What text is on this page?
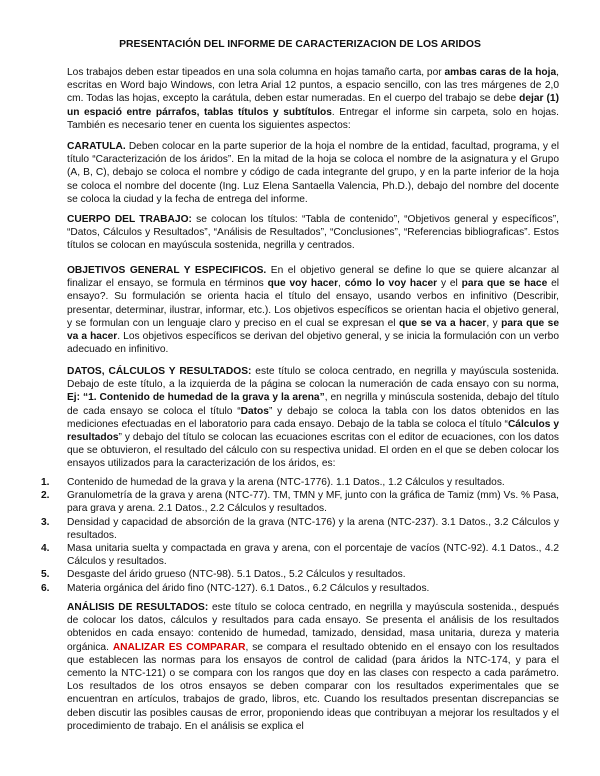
PRESENTACIÓN DEL INFORME DE CARACTERIZACION DE LOS ARIDOS

Los trabajos deben estar tipeados en una sola columna en hojas tamaño carta, por ambas caras de la hoja, escritas en Word bajo Windows, con letra Arial 12 puntos, a espacio sencillo, con las tres márgenes de 2,0 cm. Todas las hojas, excepto la carátula, deben estar numeradas. En el cuerpo del trabajo se debe dejar (1) un espació entre párrafos, tablas títulos y subtítulos. Entregar el informe sin carpeta, solo en hojas. También es necesario tener en cuenta los siguientes aspectos:

CARATULA. Deben colocar en la parte superior de la hoja el nombre de la entidad, facultad, programa, y el título “Caracterización de los áridos”. En la mitad de la hoja se coloca el nombre de la asignatura y el Grupo (A, B, C), debajo se coloca el nombre y código de cada integrante del grupo, y en la parte inferior de la hoja se coloca el nombre del docente (Ing. Luz Elena Santaella Valencia, Ph.D.), debajo del nombre del docente se coloca la ciudad y la fecha de entrega del informe.

CUERPO DEL TRABAJO: se colocan los títulos: “Tabla de contenido”, “Objetivos general y específicos”, “Datos, Cálculos y Resultados”, “Análisis de Resultados”, “Conclusiones”, “Referencias bibliograficas”. Estos títulos se colocan en mayúscula sostenida, negrilla y centrados.

OBJETIVOS GENERAL Y ESPECIFICOS. En el objetivo general se define lo que se quiere alcanzar al finalizar el ensayo, se formula en términos que voy hacer, cómo lo voy hacer y el para que se hace el ensayo?. Su formulación se orienta hacia el título del ensayo, usando verbos en infinitivo (Describir, presentar, determinar, ilustrar, informar, etc.). Los objetivos específicos se orientan hacia el objetivo general, y se formulan con un lenguaje claro y preciso en el cual se expresan el que se va a hacer, y para que se va a hacer. Los objetivos específicos se derivan del objetivo general, y se inicia la formulación con un verbo adecuado en infinitivo.

DATOS, CÁLCULOS Y RESULTADOS: este título se coloca centrado, en negrilla y mayúscula sostenida. Debajo de este título, a la izquierda de la página se colocan la numeración de cada ensayo con su norma, Ej: “1. Contenido de humedad de la grava y la arena”, en negrilla y minúscula sostenida, debajo del título de cada ensayo se coloca el título “Datos” y debajo se coloca la tabla con los datos obtenidos en las mediciones efectuadas en el laboratorio para cada ensayo. Debajo de la tabla se coloca el título “Cálculos y resultados” y debajo del título se colocan las ecuaciones escritas con el editor de ecuaciones, con los datos que se obtuvieron, el resultado del cálculo con su respectiva unidad. El orden en el que se deben colocar los ensayos utilizados para la caracterización de los áridos, es:

1.	Contenido de humedad de la grava y la arena (NTC-1776). 1.1 Datos., 1.2 Cálculos y resultados.
2.	Granulometría de la grava y arena (NTC-77). TM, TMN y MF, junto con la gráfica de Tamiz (mm) Vs. % Pasa, para grava y arena. 2.1 Datos., 2.2 Cálculos y resultados.
3.	Densidad y capacidad de absorción de la grava (NTC-176) y la arena (NTC-237). 3.1 Datos., 3.2 Cálculos y resultados.
4.	Masa unitaria suelta y compactada en grava y arena, con el porcentaje de vacíos (NTC-92). 4.1 Datos., 4.2 Cálculos y resultados.
5.	Desgaste del árido grueso (NTC-98). 5.1 Datos., 5.2 Cálculos y resultados.
6.	Materia orgánica del árido fino (NTC-127). 6.1 Datos., 6.2 Cálculos y resultados.

ANÁLISIS DE RESULTADOS: este título se coloca centrado, en negrilla y mayúscula sostenida., después de colocar los datos, cálculos y resultados para cada ensayo. Se presenta el análisis de los resultados obtenidos en cada ensayo: contenido de humedad, tamizado, densidad, masa unitaria, dureza y materia orgánica. ANALIZAR ES COMPARAR, se compara el resultado obtenido en el ensayo con los resultados que establecen las normas para los ensayos de control de calidad (para áridos la NTC-174, y para el cemento la NTC-121) o se compara con los rangos que doy en las clases con respecto a cada parámetro. Los resultados de los otros ensayos se deben comparar con los resultados experimentales que se encuentran en artículos, trabajos de grado, libros, etc. Cuando los resultados presentan discrepancias se deben discutir las posibles causas de error, proponiendo ideas que contribuyan a mejorar los resultados y el procedimiento de trabajo. En el análisis se explica el
